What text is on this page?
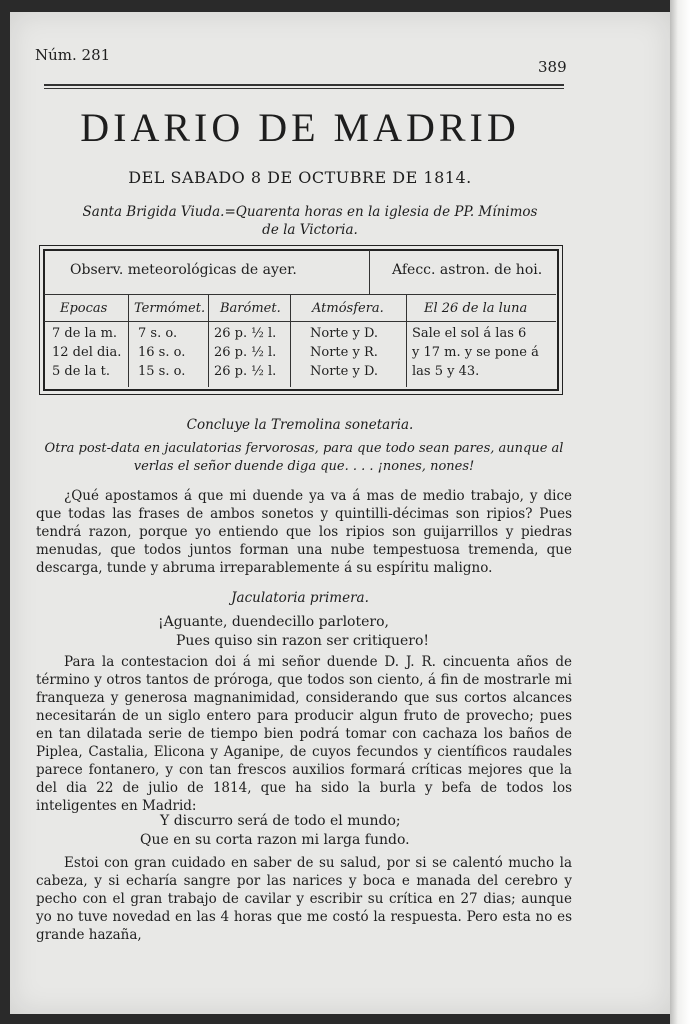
Núm. 281
389
DIARIO DE MADRID
DEL SABADO 8 DE OCTUBRE DE 1814.
Santa Brigida Viuda.=Quarenta horas en la iglesia de PP. Mínimos
de la Victoria.
Observ. meteorológicas de ayer.	Afecc. astron. de hoi.
Epocas Termómet. Barómet. Atmósfera.	El 26 de la luna
7 de la m.
12 del dia.
5 de la t.
7 s. o.
16 s. o.
15 s. o.
26 p. ½ l.
26 p. ½ l.
26 p. ½ l.
Norte y D.
Norte y R.
Norte y D.
Sale el sol á las 6
y 17 m. y se pone á
las 5 y 43.
Concluye la Tremolina sonetaria.
Otra post-data en jaculatorias fervorosas, para que todo sean pares, aunque al verlas el señor duende diga que. . . . ¡nones, nones!
¿Qué apostamos á que mi duende ya va á mas de medio trabajo, y dice que todas las frases de ambos sonetos y quintilli-décimas son ripios? Pues tendrá razon, porque yo entiendo que los ripios son guijarrillos y piedras menudas, que todos juntos forman una nube tempestuosa tremenda, que descarga, tunde y abruma irreparablemente á su espíritu maligno.
Jaculatoria primera.
¡Aguante, duendecillo parlotero,
Pues quiso sin razon ser critiquero!
Para la contestacion doi á mi señor duende D. J. R. cincuenta años de término y otros tantos de prórogа, que todos son ciento, á fin de mostrarle mi franqueza y generosa magnanimidad, considerando que sus cortos alcances necesitarán de un siglo entero para producir algun fruto de provecho; pues en tan dilatada serie de tiempo bien podrá tomar con cachaza los baños de Piplea, Castalia, Elicona y Aganipe, de cuyos fecundos y científicos raudales parece fontanero, y con tan frescos auxilios formará críticas mejores que la del dia 22 de julio de 1814, que ha sido la burla y befa de todos los inteligentes en Madrid:
Y discurro será de todo el mundo;
Que en su corta razon mi larga fundo.
Estoi con gran cuidado en saber de su salud, por si se calentó mucho la cabeza, y si echaría sangre por las narices y boca e manada del cerebro y pecho con el gran trabajo de cavilar y escribir su crítica en 27 dias; aunque yo no tuve novedad en las 4 horas que me costó la respuesta. Pero esta no es grande hazaña,
